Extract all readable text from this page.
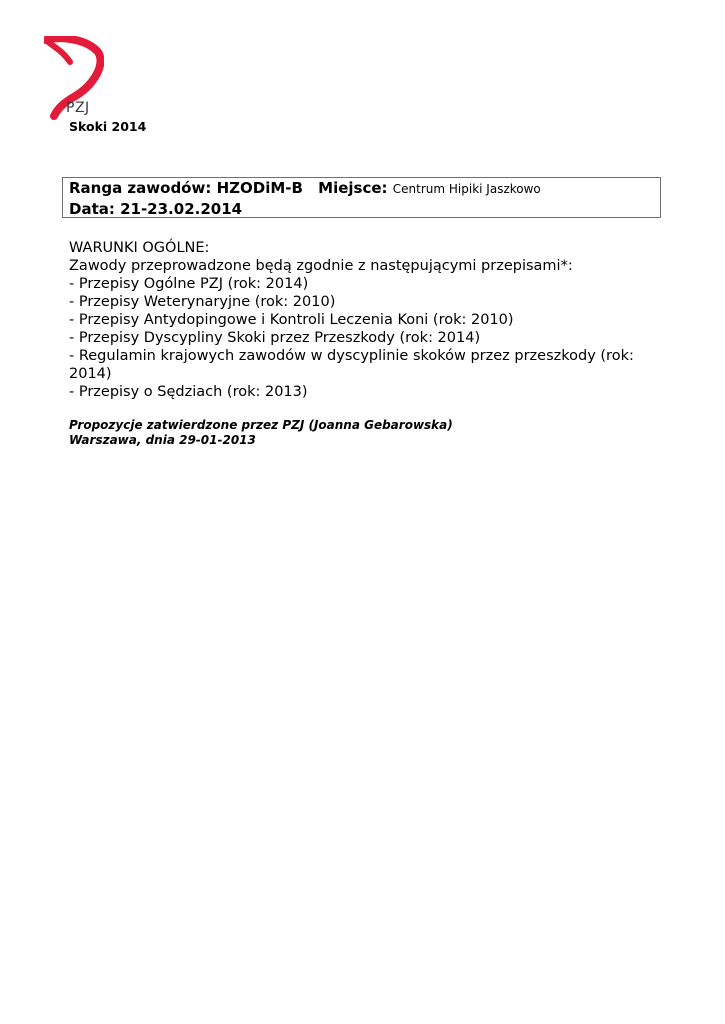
PZJ
Skoki 2014
Ranga zawodów: HZODiM-B Miejsce: Centrum Hipiki Jaszkowo
Data: 21-23.02.2014
WARUNKI OGÓLNE:
Zawody przeprowadzone będą zgodnie z następującymi przepisami*:
- Przepisy Ogólne PZJ (rok: 2014)
- Przepisy Weterynaryjne (rok: 2010)
- Przepisy Antydopingowe i Kontroli Leczenia Koni (rok: 2010)
- Przepisy Dyscypliny Skoki przez Przeszkody (rok: 2014)
- Regulamin krajowych zawodów w dyscyplinie skoków przez przeszkody (rok: 2014)
- Przepisy o Sędziach (rok: 2013)
Propozycje zatwierdzone przez PZJ (Joanna Gebarowska)
Warszawa, dnia 29-01-2013
